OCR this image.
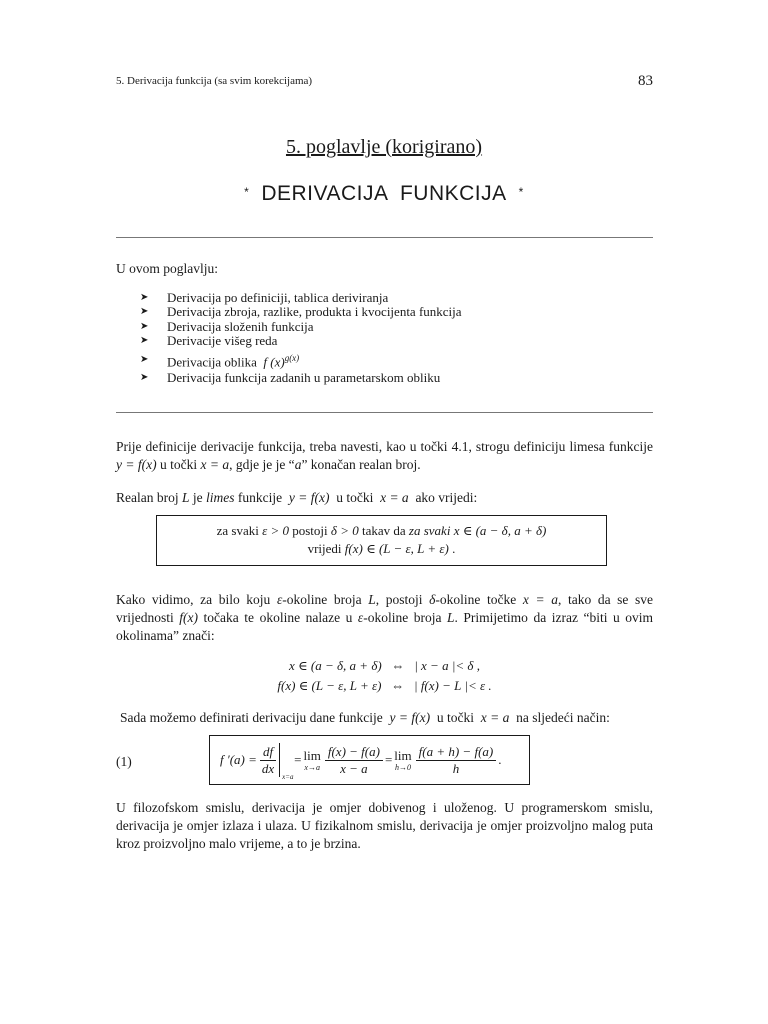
5. Derivacija funkcija (sa svim korekcijama)	83
5. poglavlje (korigirano)
* DERIVACIJA  FUNKCIJA *
U ovom poglavlju:
➤ Derivacija po definiciji, tablica deriviranja
➤ Derivacija zbroja, razlike, produkta i kvocijenta funkcija
➤ Derivacija složenih funkcija
➤ Derivacije višeg reda
➤ Derivacija oblika f $(x)^{g(x)}$
➤ Derivacija funkcija zadanih u parametarskom obliku
Prije definicije derivacije funkcija, treba navesti, kao u točki 4.1, strogu definiciju limesa funkcije y = f(x) u točki x = a, gdje je je “a” konačan realan broj.
Realan broj L je limes funkcije y = f(x) u točki x = a ako vrijedi:
za svaki ε > 0 postoji δ > 0 takav da za svaki x ∈ (a − δ, a + δ)
vrijedi f(x) ∈ (L − ε, L + ε) .
Kako vidimo, za bilo koju ε-okoline broja L, postoji δ-okoline točke x = a, tako da se sve vrijednosti f(x) točaka te okoline nalaze u ε-okoline broja L. Primijetimo da izraz “biti u ovim okolinama” znači:
x ∈ (a − δ, a + δ) ⇔ | x − a |< δ ,
f(x) ∈ (L − ε, L + ε) ⇔ | f(x) − L |< ε .
Sada možemo definirati derivaciju dane funkcije y = f(x) u točki x = a na sljedeći način:
(1)	f $'(a) = \frac{df}{dx}$
x=a
= lim
$x\to a \frac{f(x) - f(a)}{x - a} = \lim$
$h\to 0 \frac{f(a + h) - f(a)}{h}$ .
U filozofskom smislu, derivacija je omjer dobivenog i uloženog. U programerskom smislu, derivacija je omjer izlaza i ulaza. U fizikalnom smislu, derivacija je omjer proizvoljno malog puta kroz proizvoljno malo vrijeme, a to je brzina.
